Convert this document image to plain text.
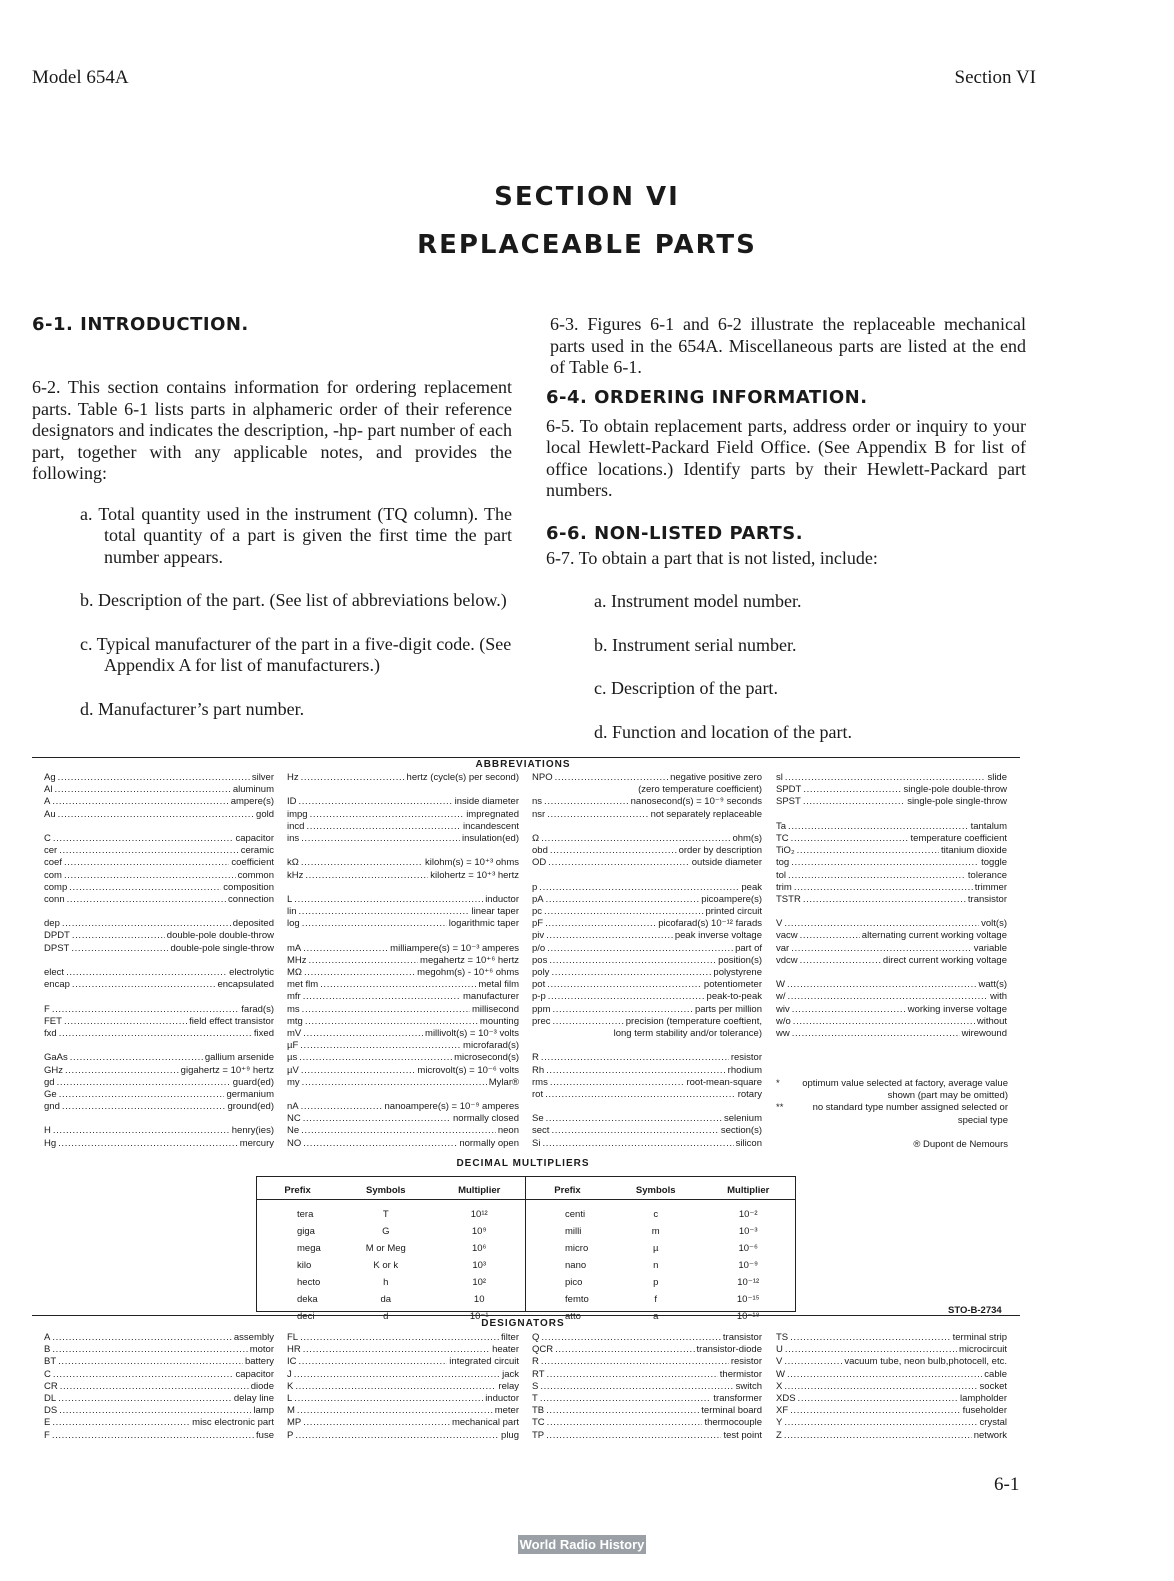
Model 654A	Section VI
SECTION VI
REPLACEABLE PARTS
6-1. INTRODUCTION.
6-2. This section contains information for ordering replacement parts. Table 6-1 lists parts in alphameric order of their reference designators and indicates the description, -hp- part number of each part, together with any applicable notes, and provides the following:
a. Total quantity used in the instrument (TQ column). The total quantity of a part is given the first time the part number appears.
b. Description of the part. (See list of abbreviations below.)
c. Typical manufacturer of the part in a five-digit code. (See Appendix A for list of manufacturers.)
d. Manufacturer’s part number.
6-3. Figures 6-1 and 6-2 illustrate the replaceable mechanical parts used in the 654A. Miscellaneous parts are listed at the end of Table 6-1.
6-4. ORDERING INFORMATION.
6-5. To obtain replacement parts, address order or inquiry to your local Hewlett-Packard Field Office. (See Appendix B for list of office locations.) Identify parts by their Hewlett-Packard part numbers.
6-6. NON-LISTED PARTS.
6-7. To obtain a part that is not listed, include:
a. Instrument model number.
b. Instrument serial number.
c. Description of the part.
d. Function and location of the part.
ABBREVIATIONS
Ag . . .	silver
Al . . .	aluminum
A . . .	ampere(s)
Au . . .	gold
C . . .	capacitor
cer . . .	ceramic
coef . . .	coefficient
com . . .	common
comp . . .	composition
conn . . .	connection
dep . . .	deposited
DPDT . . .	double-pole double-throw
DPST . . .	double-pole single-throw
elect . . .	electrolytic
encap . . .	encapsulated
F . . .	farad(s)
FET . . .	field effect transistor
fxd . . .	fixed
GaAs . . .	gallium arsenide
GHz . . .	gigahertz = 10⁺⁹ hertz
gd . . .	guard(ed)
Ge . . .	germanium
gnd . . .	ground(ed)
H . . .	henry(ies)
Hg . . .	mercury
Hz . . .	hertz (cycle(s) per second)
ID . . .	inside diameter
impg . . .	impregnated
incd . . .	incandescent
ins . . .	insulation(ed)
kΩ . . .	kilohm(s) = 10⁺³ ohms
kHz . . .	kilohertz = 10⁺³ hertz
L . . .	inductor
lin . . .	linear taper
log . . .	logarithmic taper
mA . . .	milliampere(s) = 10⁻³ amperes
MHz . . .	megahertz = 10⁺⁶ hertz
MΩ . . .	megohm(s) - 10⁺⁶ ohms
met flm . . .	metal film
mfr . . .	manufacturer
ms . . .	millisecond
mtg . . .	mounting
mV . . .	millivolt(s) = 10⁻³ volts
µF . . .	microfarad(s)
µs . . .	microsecond(s)
µV . . .	microvolt(s) = 10⁻⁶ volts
my . . .	Mylar®
nA . . .	nanoampere(s) = 10⁻⁹ amperes
NC . . .	normally closed
Ne . . .	neon
NO . . .	normally open
NPO . . .	negative positive zero
(zero temperature coefficient)
ns . . .	nanosecond(s) = 10⁻⁹ seconds
nsr . . .	not separately replaceable
Ω . . .	ohm(s)
obd . . .	order by description
OD . . .	outside diameter
p . . .	peak
pA . . .	picoampere(s)
pc . . .	printed circuit
pF . . .	picofarad(s) 10⁻¹² farads
piv . . .	peak inverse voltage
p/o . . .	part of
pos . . .	position(s)
poly . . .	polystyrene
pot . . .	potentiometer
p-p . . .	peak-to-peak
ppm . . .	parts per million
prec . . .	precision (temperature coeftient,
long term stability and/or tolerance)
R . . .	resistor
Rh . . .	rhodium
rms . . .	root-mean-square
rot . . .	rotary
Se . . .	selenium
sect . . .	section(s)
Si . . .	silicon
sl . . .	slide
SPDT . . .	single-pole double-throw
SPST . . .	single-pole single-throw
Ta . . .	tantalum
TC . . .	temperature coefficient
TiO₂ . . .	titanium dioxide
tog . . .	toggle
tol . . .	tolerance
trim . . .	trimmer
TSTR . . .	transistor
V . . .	volt(s)
vacw . . .	alternating current working voltage
var . . .	variable
vdcw . . .	direct current working voltage
W . . .	watt(s)
w/ . . .	with
wiv . . .	working inverse voltage
w/o . . .	without
ww . . .	wirewound
*	optimum value selected at factory, average value shown (part may be omitted)
**	no standard type number assigned selected or special type
® Dupont de Nemours
DECIMAL MULTIPLIERS
Prefix	Symbols	Multiplier	Prefix	Symbols	Multiplier
tera	T	10¹²	centi	c	10⁻²
giga	G	10⁹	milli	m	10⁻³
mega	M or Meg	10⁶	micro	µ	10⁻⁶
kilo	K or k	10³	nano	n	10⁻⁹
hecto	h	10²	pico	p	10⁻¹²
deka	da	10	femto	f	10⁻¹⁵
deci	d	10⁻¹	atto	a	10⁻¹⁸
STO-B-2734
DESIGNATORS
A . . .	assembly
B . . .	motor
BT . . .	battery
C . . .	capacitor
CR . . .	diode
DL . . .	delay line
DS . . .	lamp
E . . .	misc electronic part
F . . .	fuse
FL . . .	filter
HR . . .	heater
IC . . .	integrated circuit
J . . .	jack
K . . .	relay
L . . .	inductor
M . . .	meter
MP . . .	mechanical part
P . . .	plug
Q . . .	transistor
QCR . . .	transistor-diode
R . . .	resistor
RT . . .	thermistor
S . . .	switch
T . . .	transformer
TB . . .	terminal board
TC . . .	thermocouple
TP . . .	test point
TS . . .	terminal strip
U . . .	microcircuit
V . . .	vacuum tube, neon bulb,photocell, etc.
W . . .	cable
X . . .	socket
XDS . . .	lampholder
XF . . .	fuseholder
Y . . .	crystal
Z . . .	network
6-1
World Radio History
